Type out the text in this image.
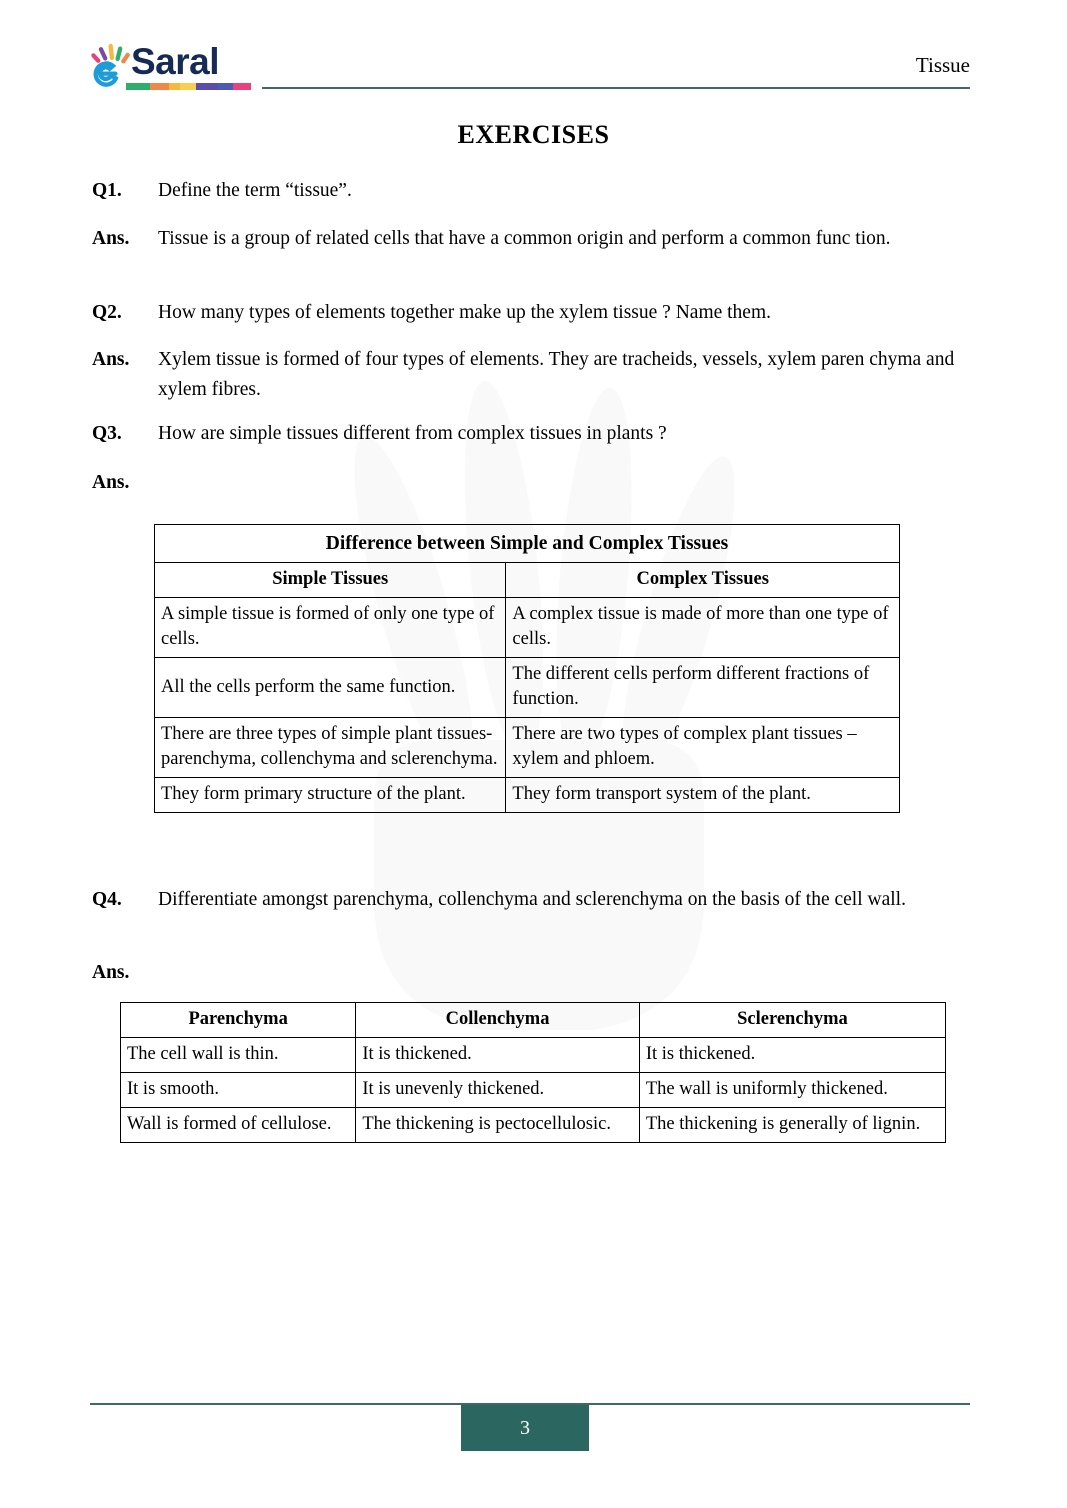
Saral	Tissue
EXERCISES
Q1.	Define the term “tissue”.
Ans.	Tissue is a group of related cells that have a common origin and perform a common func tion.
Q2.	How many types of elements together make up the xylem tissue ? Name them.
Ans.	Xylem tissue is formed of four types of elements. They are tracheids, vessels, xylem paren chyma and xylem fibres.
Q3.	How are simple tissues different from complex tissues in plants ?
Ans.
Difference between Simple and Complex Tissues	
Simple Tissues	Complex Tissues
A simple tissue is formed of only one type of cells.	A complex tissue is made of more than one type of cells.
All the cells perform the same function.	The different cells perform different fractions of function.
There are three types of simple plant tissues- parenchyma, collenchyma and sclerenchyma.	There are two types of complex plant tissues – xylem and phloem.
They form primary structure of the plant.	They form transport system of the plant.
Q4.	Differentiate amongst parenchyma, collenchyma and sclerenchyma on the basis of the cell wall.
Ans.
Parenchyma	Collenchyma	Sclerenchyma
The cell wall is thin.	It is thickened.	It is thickened.
It is smooth.	It is unevenly thickened.	The wall is uniformly thickened.
Wall is formed of cellulose.	The thickening is pectocellulosic.	The thickening is generally of lignin.
3
